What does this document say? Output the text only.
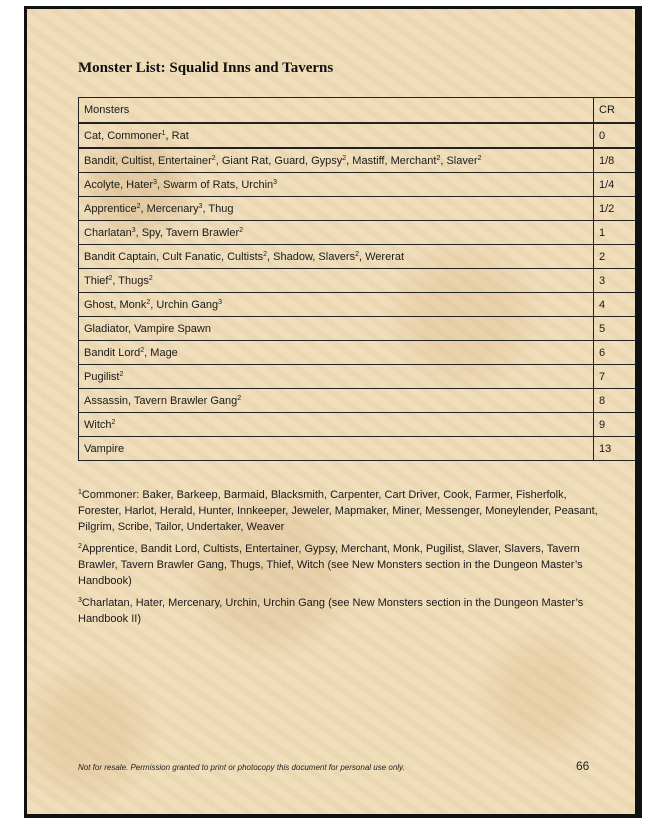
Monster List: Squalid Inns and Taverns
Monsters	CR
Cat, Commoner$^1$, Rat	0
Bandit, Cultist, Entertainer$^2$, Giant Rat, Guard, Gypsy$^2$, Mastiff, Merchant$^2$, Slaver$^2$	1/8
Acolyte, Hater$^3$, Swarm of Rats, Urchin$^3$	1/4
Apprentice$^2$, Mercenary$^3$, Thug	1/2
Charlatan$^3$, Spy, Tavern Brawler$^2$	1
Bandit Captain, Cult Fanatic, Cultists$^2$, Shadow, Slavers$^2$, Wererat	2
Thief$^2$, Thugs$^2$	3
Ghost, Monk$^2$, Urchin Gang$^3$	4
Gladiator, Vampire Spawn	5
Bandit Lord$^2$, Mage	6
Pugilist$^2$	7
Assassin, Tavern Brawler Gang$^2$	8
Witch$^2$	9
Vampire	13

$^1$Commoner: Baker, Barkeep, Barmaid, Blacksmith, Carpenter, Cart Driver, Cook, Farmer, Fisherfolk, Forester, Harlot, Herald, Hunter, Innkeeper, Jeweler, Mapmaker, Miner, Messenger, Moneylender, Peasant, Pilgrim, Scribe, Tailor, Undertaker, Weaver

$^2$Apprentice, Bandit Lord, Cultists, Entertainer, Gypsy, Merchant, Monk, Pugilist, Slaver, Slavers, Tavern Brawler, Tavern Brawler Gang, Thugs, Thief, Witch (see New Monsters section in the Dungeon Master’s Handbook)

$^3$Charlatan, Hater, Mercenary, Urchin, Urchin Gang (see New Monsters section in the Dungeon Master’s Handbook II)

Not for resale. Permission granted to print or photocopy this document for personal use only.	66
